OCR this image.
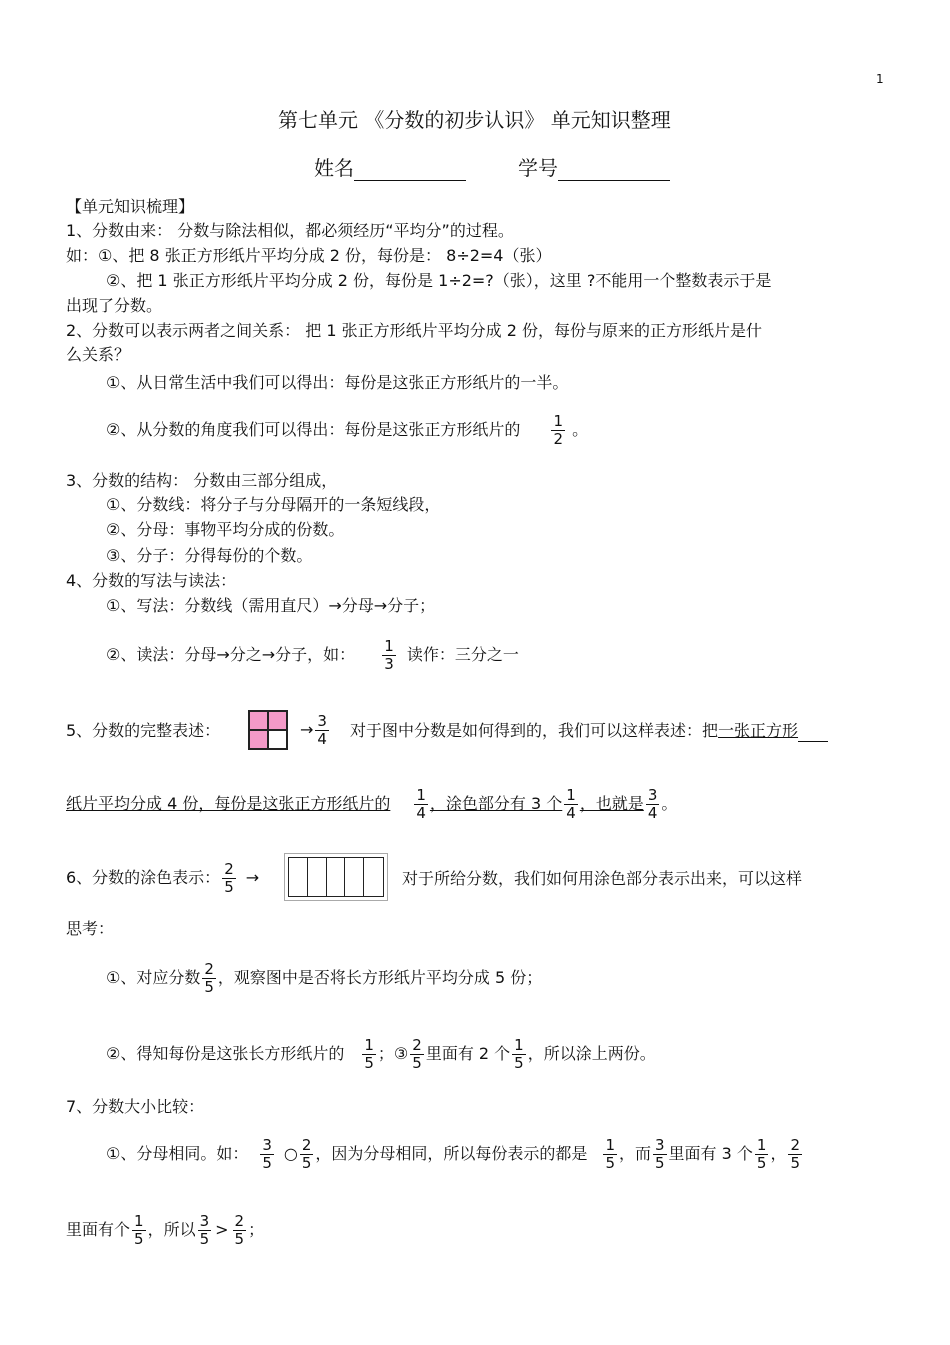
1
第七单元 《分数的初步认识》 单元知识整理
姓名	学号
【单元知识梳理】
1、分数由来： 分数与除法相似，都必须经历“平均分”的过程。
如：①、把 8 张正方形纸片平均分成 2 份，每份是： 8÷2=4（张）
②、把 1 张正方形纸片平均分成 2 份，每份是 1÷2=?（张），这里 ?不能用一个整数表示于是
出现了分数。
2、分数可以表示两者之间关系： 把 1 张正方形纸片平均分成 2 份，每份与原来的正方形纸片是什
么关系？
①、从日常生活中我们可以得出：每份是这张正方形纸片的一半。
②、从分数的角度我们可以得出：每份是这张正方形纸片的 $\frac{1}{2}$ 。
3、分数的结构： 分数由三部分组成，
①、分数线：将分子与分母隔开的一条短线段，
②、分母：事物平均分成的份数。
③、分子：分得每份的个数。
4、分数的写法与读法：
①、写法：分数线（需用直尺）→分母→分子；
②、读法：分母→分之→分子，如： $\frac{1}{3}$ 读作：三分之一
5、分数的完整表述：	→ $\frac{3}{4}$ 对于图中分数是如何得到的，我们可以这样表述：把一张正方形
纸片平均分成 4 份，每份是这张正方形纸片的 $\frac{1}{4}$ ，涂色部分有 3 个 $\frac{1}{4}$ ，也就是 $\frac{3}{4}$ 。
6、分数的涂色表示： $\frac{2}{5}$ →	对于所给分数，我们如何用涂色部分表示出来，可以这样
思考：
①、对应分数 $\frac{2}{5}$ ，观察图中是否将长方形纸片平均分成 5 份；
②、得知每份是这张长方形纸片的 $\frac{1}{5}$ ；③ $\frac{2}{5}$ 里面有 2 个 $\frac{1}{5}$ ，所以涂上两份。
7、分数大小比较：
①、分母相同。如： $\frac{3}{5}$ ○ $\frac{2}{5}$ ，因为分母相同，所以每份表示的都是 $\frac{1}{5}$ ，而 $\frac{3}{5}$ 里面有 3 个 $\frac{1}{5}$ ， $\frac{2}{5}$
里面有个 $\frac{1}{5}$ ，所以 $\frac{3}{5} > \frac{2}{5}$ ；
